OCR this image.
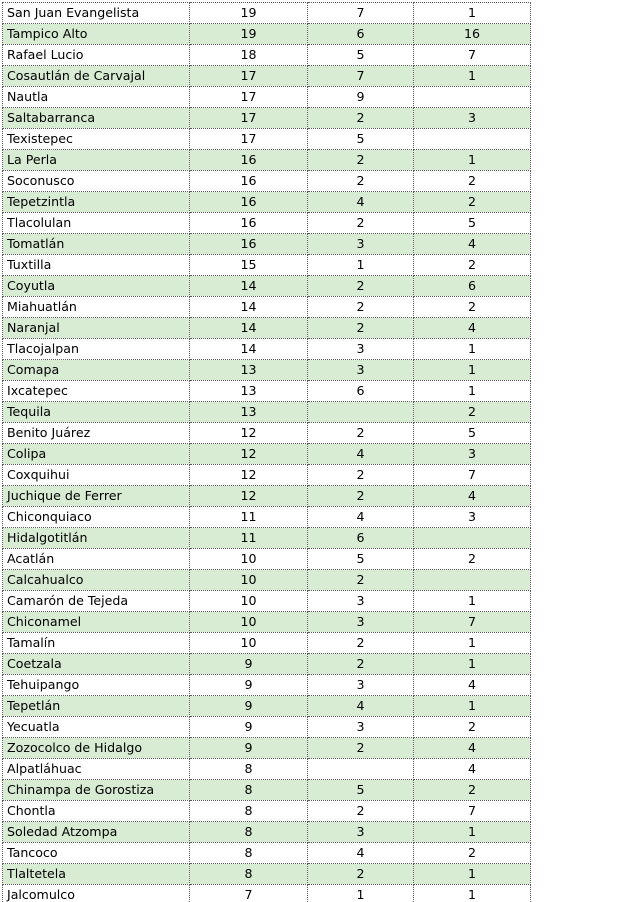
San Juan Evangelista	19	7	1
Tampico Alto	19	6	16
Rafael Lucio	18	5	7
Cosautlán de Carvajal	17	7	1
Nautla	17	9	
Saltabarranca	17	2	3
Texistepec	17	5	
La Perla	16	2	1
Soconusco	16	2	2
Tepetzintla	16	4	2
Tlacolulan	16	2	5
Tomatlán	16	3	4
Tuxtilla	15	1	2
Coyutla	14	2	6
Miahuatlán	14	2	2
Naranjal	14	2	4
Tlacojalpan	14	3	1
Comapa	13	3	1
Ixcatepec	13	6	1
Tequila	13		2
Benito Juárez	12	2	5
Colipa	12	4	3
Coxquihui	12	2	7
Juchique de Ferrer	12	2	4
Chiconquiaco	11	4	3
Hidalgotitlán	11	6	
Acatlán	10	5	2
Calcahualco	10	2	
Camarón de Tejeda	10	3	1
Chiconamel	10	3	7
Tamalín	10	2	1
Coetzala	9	2	1
Tehuipango	9	3	4
Tepetlán	9	4	1
Yecuatla	9	3	2
Zozocolco de Hidalgo	9	2	4
Alpatláhuac	8		4
Chinampa de Gorostiza	8	5	2
Chontla	8	2	7
Soledad Atzompa	8	3	1
Tancoco	8	4	2
Tlaltetela	8	2	1
Jalcomulco	7	1	1
